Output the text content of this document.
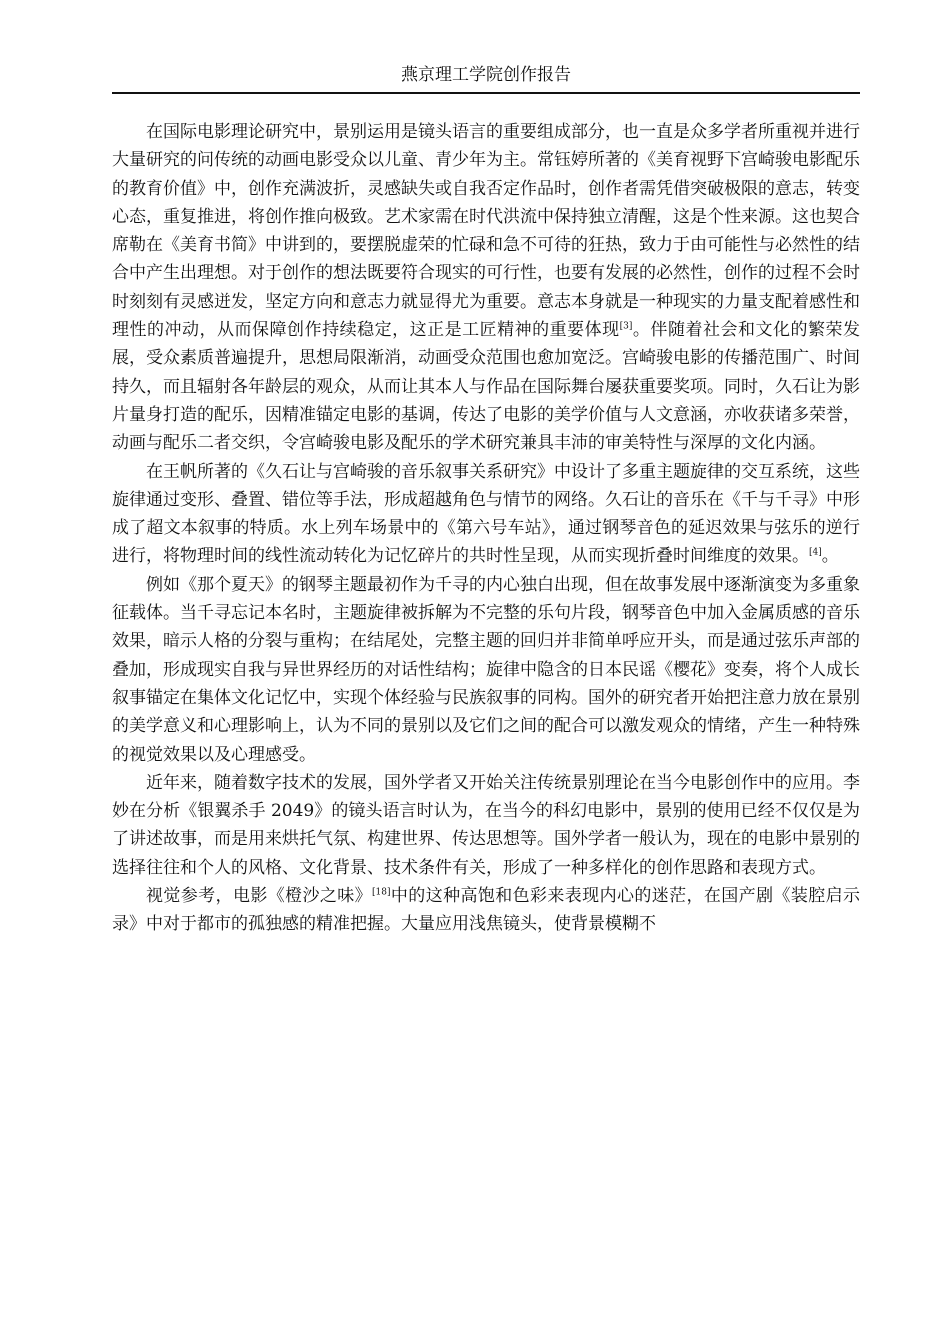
燕京理工学院创作报告

在国际电影理论研究中，景别运用是镜头语言的重要组成部分，也一直是众多学者所重视并进行大量研究的问传统的动画电影受众以儿童、青少年为主。常钰婷所著的《美育视野下宫崎骏电影配乐的教育价值》中，创作充满波折，灵感缺失或自我否定作品时，创作者需凭借突破极限的意志，转变心态，重复推进，将创作推向极致。艺术家需在时代洪流中保持独立清醒，这是个性来源。这也契合席勒在《美育书简》中讲到的，要摆脱虚荣的忙碌和急不可待的狂热，致力于由可能性与必然性的结合中产生出理想。对于创作的想法既要符合现实的可行性，也要有发展的必然性，创作的过程不会时时刻刻有灵感迸发，坚定方向和意志力就显得尤为重要。意志本身就是一种现实的力量支配着感性和理性的冲动，从而保障创作持续稳定，这正是工匠精神的重要体现[3]。伴随着社会和文化的繁荣发展，受众素质普遍提升，思想局限渐消，动画受众范围也愈加宽泛。宫崎骏电影的传播范围广、时间持久，而且辐射各年龄层的观众，从而让其本人与作品在国际舞台屡获重要奖项。同时，久石让为影片量身打造的配乐，因精准锚定电影的基调，传达了电影的美学价值与人文意涵，亦收获诸多荣誉，动画与配乐二者交织，令宫崎骏电影及配乐的学术研究兼具丰沛的审美特性与深厚的文化内涵。

在王帆所著的《久石让与宫崎骏的音乐叙事关系研究》中设计了多重主题旋律的交互系统，这些旋律通过变形、叠置、错位等手法，形成超越角色与情节的网络。久石让的音乐在《千与千寻》中形成了超文本叙事的特质。水上列车场景中的《第六号车站》，通过钢琴音色的延迟效果与弦乐的逆行进行，将物理时间的线性流动转化为记忆碎片的共时性呈现，从而实现折叠时间维度的效果。[4]。

例如《那个夏天》的钢琴主题最初作为千寻的内心独白出现，但在故事发展中逐渐演变为多重象征载体。当千寻忘记本名时，主题旋律被拆解为不完整的乐句片段，钢琴音色中加入金属质感的音乐效果，暗示人格的分裂与重构；在结尾处，完整主题的回归并非简单呼应开头，而是通过弦乐声部的叠加，形成现实自我与异世界经历的对话性结构；旋律中隐含的日本民谣《樱花》变奏，将个人成长叙事锚定在集体文化记忆中，实现个体经验与民族叙事的同构。国外的研究者开始把注意力放在景别的美学意义和心理影响上，认为不同的景别以及它们之间的配合可以激发观众的情绪，产生一种特殊的视觉效果以及心理感受。

近年来，随着数字技术的发展，国外学者又开始关注传统景别理论在当今电影创作中的应用。李妙在分析《银翼杀手 2049》的镜头语言时认为，在当今的科幻电影中，景别的使用已经不仅仅是为了讲述故事，而是用来烘托气氛、构建世界、传达思想等。国外学者一般认为，现在的电影中景别的选择往往和个人的风格、文化背景、技术条件有关，形成了一种多样化的创作思路和表现方式。

视觉参考，电影《橙沙之味》[18]中的这种高饱和色彩来表现内心的迷茫，在国产剧《装腔启示录》中对于都市的孤独感的精准把握。大量应用浅焦镜头，使背景模糊不
